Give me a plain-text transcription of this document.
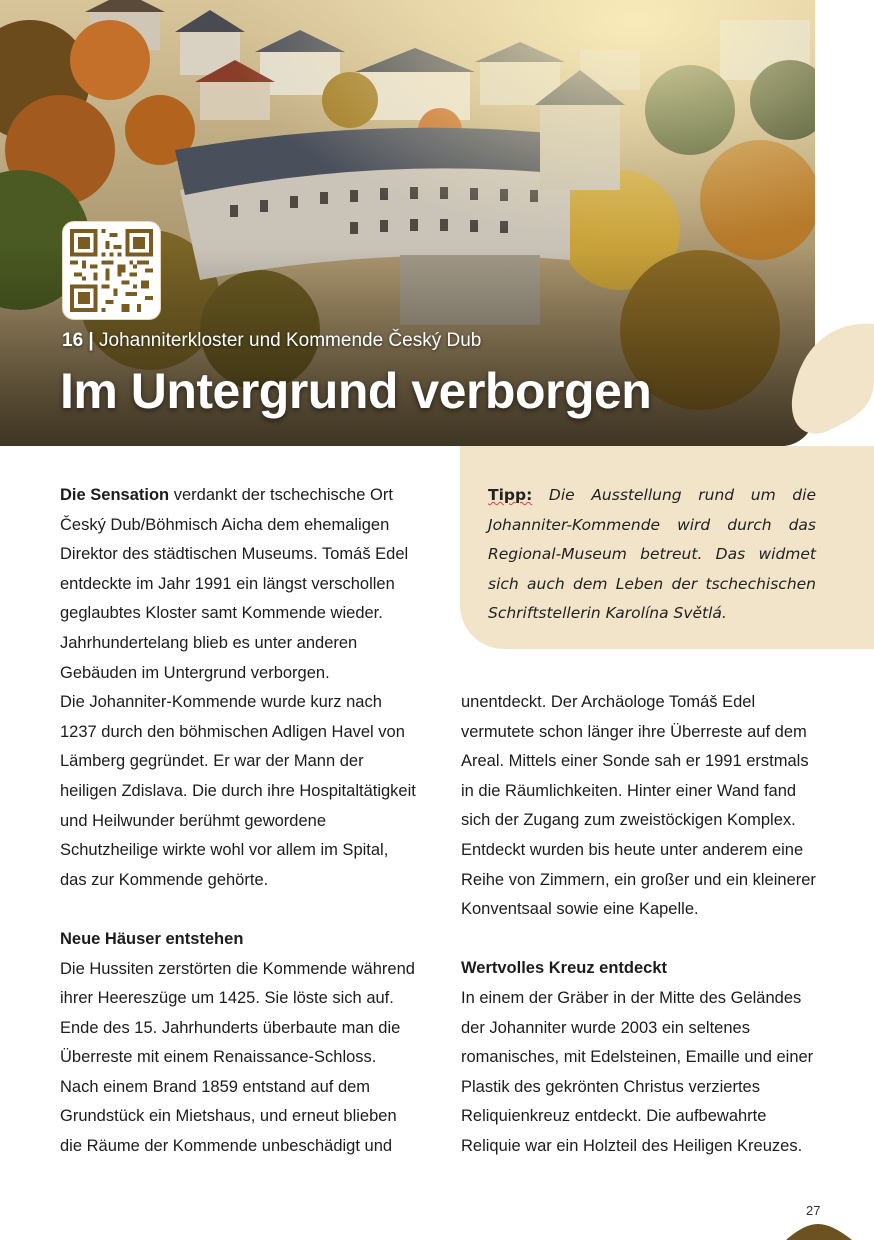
16 | Johanniterkloster und Kommende Český Dub
Im Untergrund verborgen

Die Sensation verdankt der tschechische Ort Český Dub/Böhmisch Aicha dem ehemaligen Direktor des städtischen Museums. Tomáš Edel entdeckte im Jahr 1991 ein längst verschollen geglaubtes Kloster samt Kommende wieder. Jahrhundertelang blieb es unter anderen Gebäuden im Untergrund verborgen.

Die Johanniter-Kommende wurde kurz nach 1237 durch den böhmischen Adligen Havel von Lämberg gegründet. Er war der Mann der heiligen Zdislava. Die durch ihre Hospitaltätigkeit und Heilwunder berühmt gewordene Schutzheilige wirkte wohl vor allem im Spital, das zur Kommende gehörte.

Neue Häuser entstehen

Die Hussiten zerstörten die Kommende während ihrer Heereszüge um 1425. Sie löste sich auf. Ende des 15. Jahrhunderts überbaute man die Überreste mit einem Renaissance-Schloss. Nach einem Brand 1859 entstand auf dem Grundstück ein Mietshaus, und erneut blieben die Räume der Kommende unbeschädigt und

Tipp: Die Ausstellung rund um die Johanniter-Kommende wird durch das Regional-Museum betreut. Das widmet sich auch dem Leben der tschechischen Schriftstellerin Karolína Světlá.

unentdeckt. Der Archäologe Tomáš Edel vermutete schon länger ihre Überreste auf dem Areal. Mittels einer Sonde sah er 1991 erstmals in die Räumlichkeiten. Hinter einer Wand fand sich der Zugang zum zweistöckigen Komplex. Entdeckt wurden bis heute unter anderem eine Reihe von Zimmern, ein großer und ein kleinerer Konventsaal sowie eine Kapelle.

Wertvolles Kreuz entdeckt

In einem der Gräber in der Mitte des Geländes der Johanniter wurde 2003 ein seltenes romanisches, mit Edelsteinen, Emaille und einer Plastik des gekrönten Christus verziertes Reliquienkreuz entdeckt. Die aufbewahrte Reliquie war ein Holzteil des Heiligen Kreuzes.

27
